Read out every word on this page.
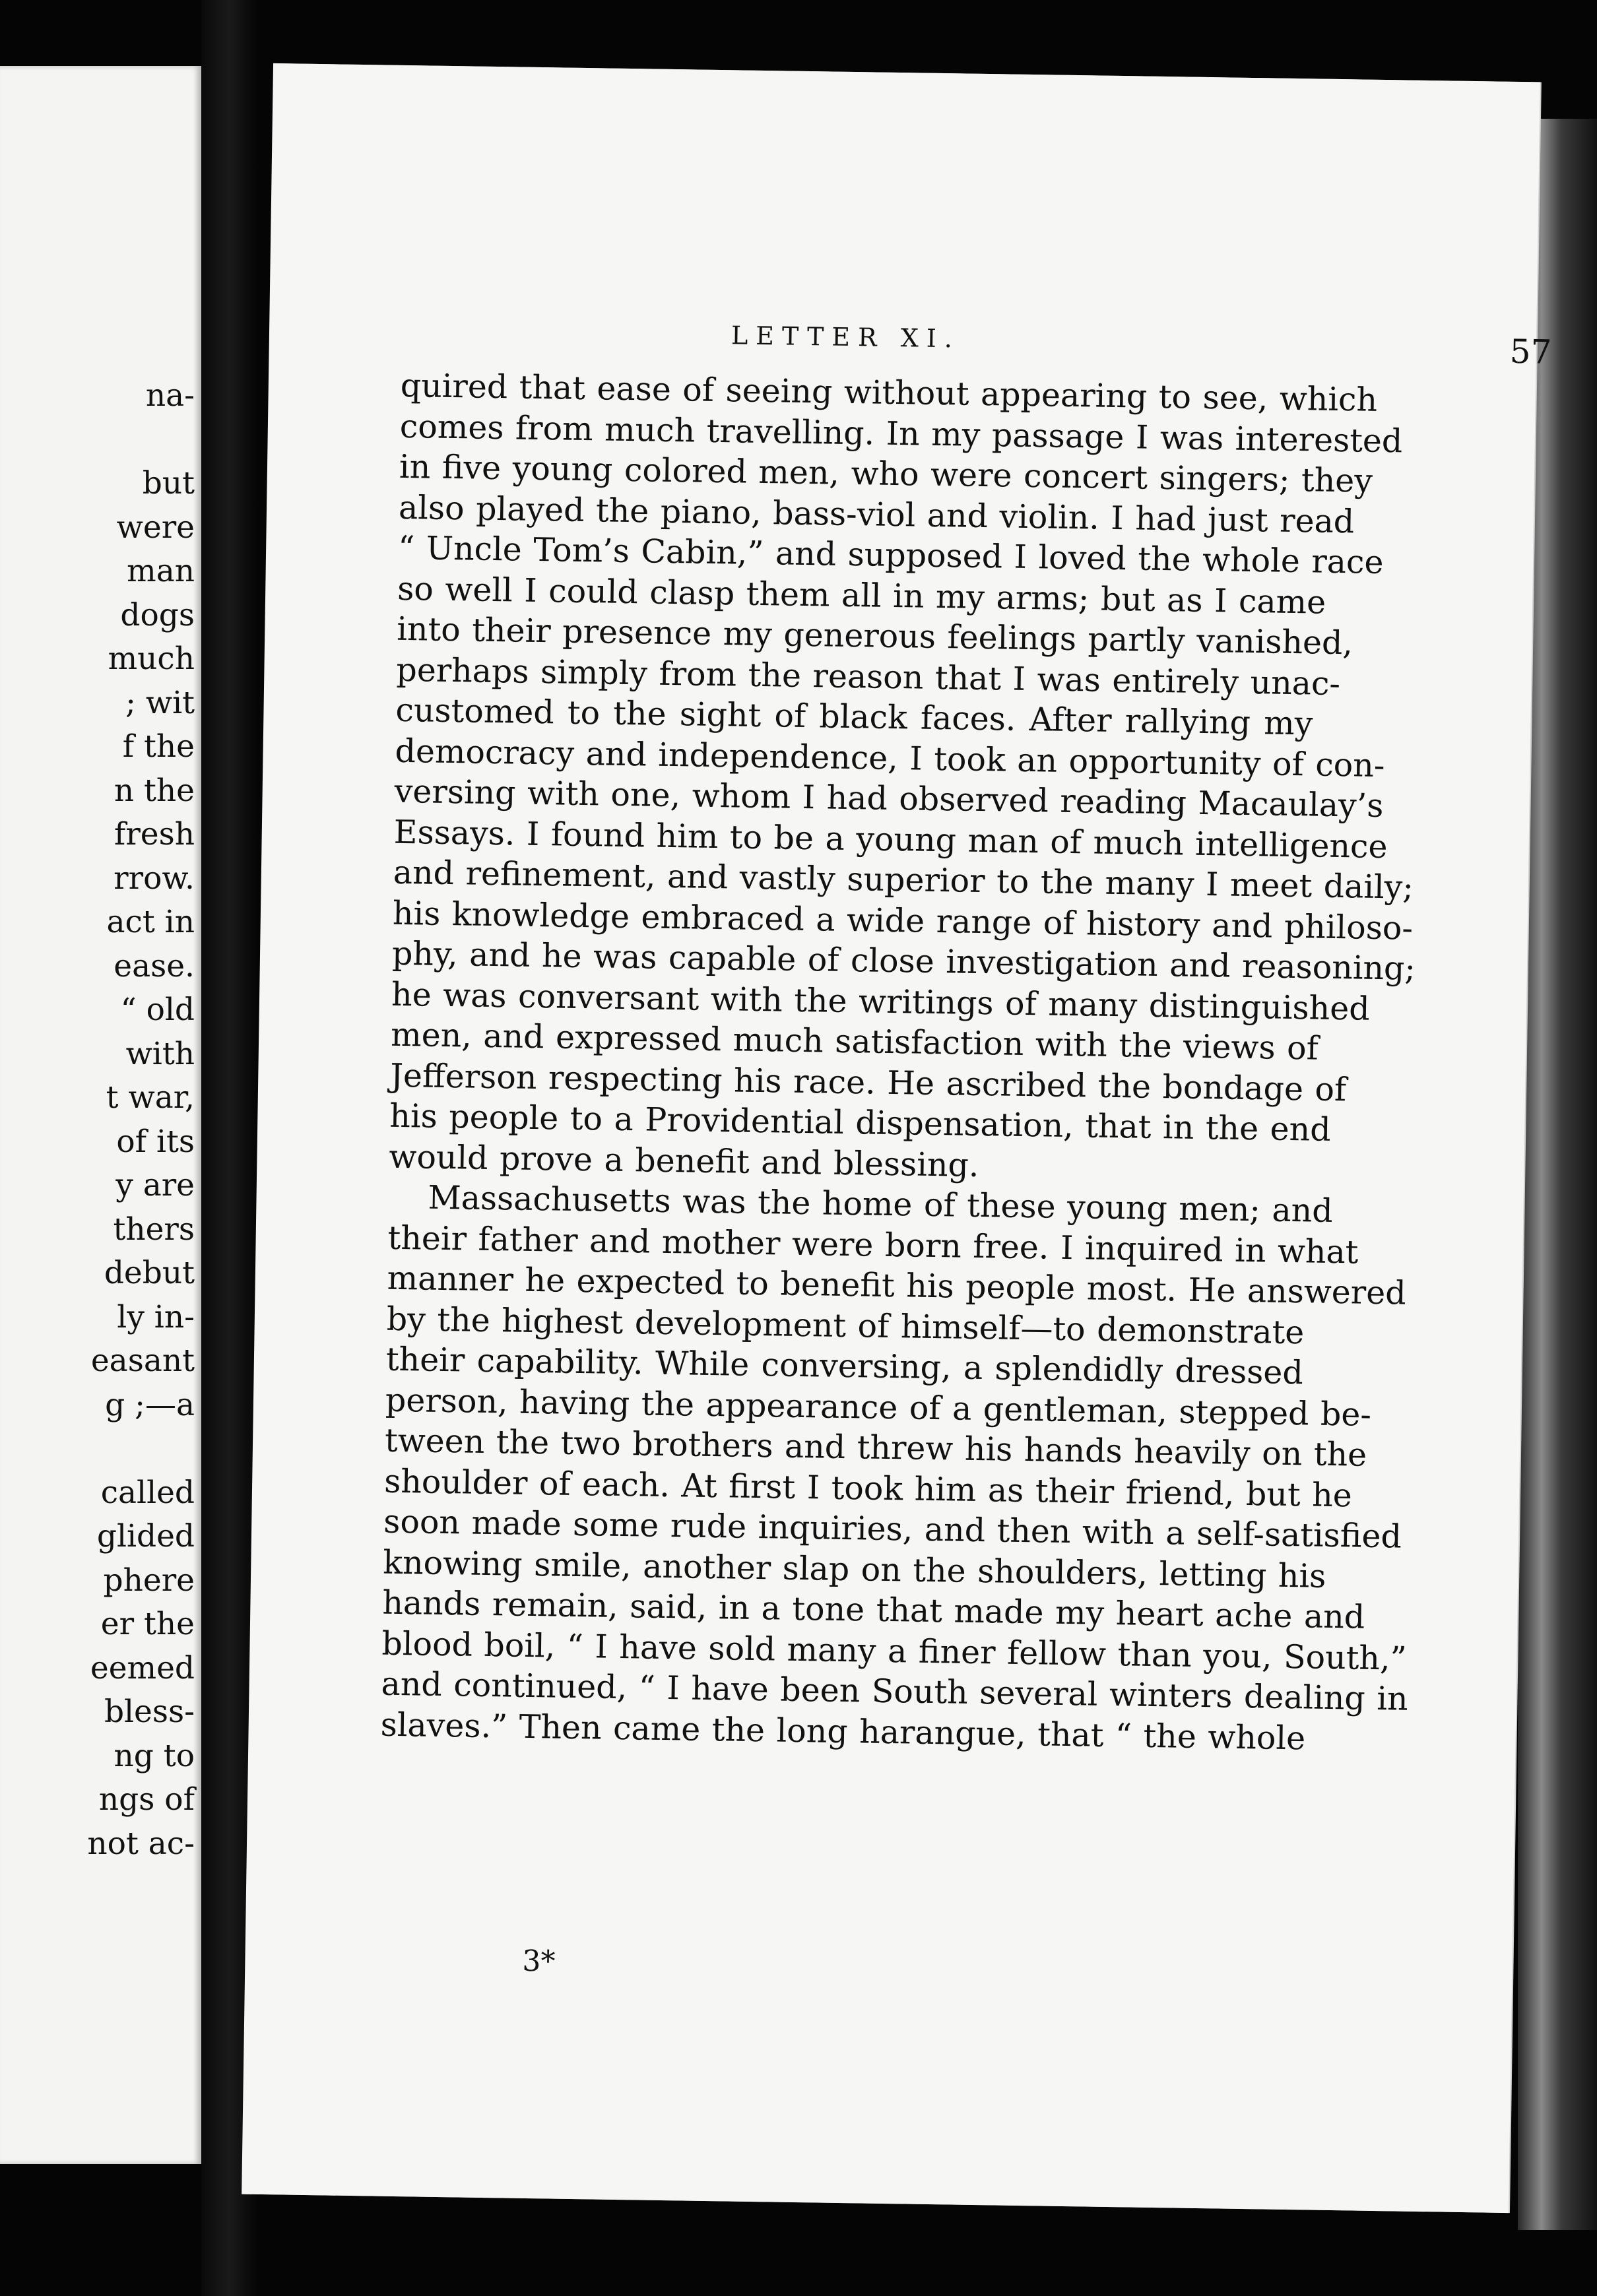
na-
but
were
man
dogs
much
; wit
f the
n the
fresh
rrow.
act in
ease.
“ old
with
t war,
of its
y are
thers
debut
ly in-
easant
g ;—a
called
glided
phere
er the
eemed
bless-
ng to
ngs of
not ac-
LETTER XI.	57
quired that ease of seeing without appearing to see, which
comes from much travelling. In my passage I was interested
in five young colored men, who were concert singers; they
also played the piano, bass-viol and violin. I had just read
“ Uncle Tom’s Cabin,” and supposed I loved the whole race
so well I could clasp them all in my arms; but as I came
into their presence my generous feelings partly vanished,
perhaps simply from the reason that I was entirely unac-
customed to the sight of black faces. After rallying my
democracy and independence, I took an opportunity of con-
versing with one, whom I had observed reading Macaulay’s
Essays. I found him to be a young man of much intelligence
and refinement, and vastly superior to the many I meet daily;
his knowledge embraced a wide range of history and philoso-
phy, and he was capable of close investigation and reasoning;
he was conversant with the writings of many distinguished
men, and expressed much satisfaction with the views of
Jefferson respecting his race. He ascribed the bondage of
his people to a Providential dispensation, that in the end
would prove a benefit and blessing.
Massachusetts was the home of these young men; and
their father and mother were born free. I inquired in what
manner he expected to benefit his people most. He answered
by the highest development of himself—to demonstrate
their capability. While conversing, a splendidly dressed
person, having the appearance of a gentleman, stepped be-
tween the two brothers and threw his hands heavily on the
shoulder of each. At first I took him as their friend, but he
soon made some rude inquiries, and then with a self-satisfied
knowing smile, another slap on the shoulders, letting his
hands remain, said, in a tone that made my heart ache and
blood boil, “ I have sold many a finer fellow than you, South,”
and continued, “ I have been South several winters dealing in
slaves.” Then came the long harangue, that “ the whole
3*
